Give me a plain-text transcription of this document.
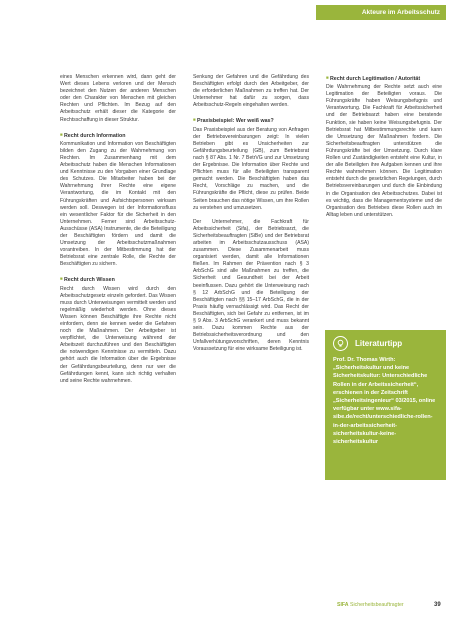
Akteure im Arbeitsschutz

eines Menschen erkennen wird, dann geht der Wert dieses Lebens verloren und der Mensch bezeichnet den Nutzen der anderen Menschen oder den Charakter von Menschen mit gleichen Rechten und Pflichten. Im Bezug auf den Arbeitsschutz erhält dieser die Kategorie der Rechtsschaffung in dieser Struktur.

■ Recht durch Information

Kommunikation und Information von Beschäftigten bilden den Zugang zu der Wahrnehmung von Rechten. Im Zusammenhang mit dem Arbeitsschutz haben die Menschen Informationen und Kenntnisse zu den Vorgaben einer Grundlage des Schutzes. Die Mitarbeiter haben bei der Wahrnehmung ihrer Rechte eine eigene Verantwortung, die im Kontakt mit den Führungskräften und Aufsichtspersonen wirksam werden soll. Deswegen ist der Informationsfluss ein wesentlicher Faktor für die Sicherheit in den Unternehmen. Ferner sind Arbeitsschutz-Ausschüsse (ASA) Instrumente, die die Beteiligung der Beschäftigten fördern und damit die Umsetzung der Arbeitsschutzmaßnahmen vorantreiben. In der Mitbestimmung hat der Betriebsrat eine zentrale Rolle, die Rechte der Beschäftigten zu sichern.

■ Recht durch Wissen

Recht durch Wissen wird durch den Arbeitsschutzgesetz einzeln gefordert. Das Wissen muss durch Unterweisungen vermittelt werden und regelmäßig wiederholt werden. Ohne dieses Wissen können Beschäftigte ihre Rechte nicht einfordern, denn sie kennen weder die Gefahren noch die Maßnahmen. Der Arbeitgeber ist verpflichtet, die Unterweisung während der Arbeitszeit durchzuführen und den Beschäftigten die notwendigen Kenntnisse zu vermitteln. Dazu gehört auch die Information über die Ergebnisse der Gefährdungsbeurteilung, denn nur wer die Gefährdungen kennt, kann sich richtig verhalten und seine Rechte wahrnehmen.

Senkung der Gefahren und die Gefährdung des Beschäftigten erfolgt durch den Arbeitgeber, der die erforderlichen Maßnahmen zu treffen hat. Der Unternehmer hat dafür zu sorgen, dass Arbeitsschutz-Regeln eingehalten werden.

■ Praxisbeispiel: Wer weiß was?

Das Praxisbeispiel aus der Beratung von Anfragen der Betriebsvereinbarungen zeigt: In vielen Betrieben gibt es Unsicherheiten zur Gefährdungsbeurteilung (GB), zum Betriebsrat nach § 87 Abs. 1 Nr. 7 BetrVG und zur Umsetzung der Ergebnisse. Die Information über Rechte und Pflichten muss für alle Beteiligten transparent gemacht werden. Die Beschäftigten haben das Recht, Vorschläge zu machen, und die Führungskräfte die Pflicht, diese zu prüfen. Beide Seiten brauchen das nötige Wissen, um ihre Rollen zu verstehen und umzusetzen.

Der Unternehmer, die Fachkraft für Arbeitssicherheit (Sifa), der Betriebsarzt, die Sicherheitsbeauftragten (SiBe) und der Betriebsrat arbeiten im Arbeitsschutzausschuss (ASA) zusammen. Diese Zusammenarbeit muss organisiert werden, damit alle Informationen fließen. Im Rahmen der Prävention nach § 3 ArbSchG sind alle Maßnahmen zu treffen, die Sicherheit und Gesundheit bei der Arbeit beeinflussen. Dazu gehört die Unterweisung nach § 12 ArbSchG und die Beteiligung der Beschäftigten nach §§ 15–17 ArbSchG, die in der Praxis häufig vernachlässigt wird. Das Recht der Beschäftigten, sich bei Gefahr zu entfernen, ist im § 9 Abs. 3 ArbSchG verankert und muss bekannt sein. Dazu kommen Rechte aus der Betriebssicherheitsverordnung und den Unfallverhütungsvorschriften, deren Kenntnis Voraussetzung für eine wirksame Beteiligung ist.

■ Recht durch Legitimation / Autorität

Die Wahrnehmung der Rechte setzt auch eine Legitimation der Beteiligten voraus. Die Führungskräfte haben Weisungsbefugnis und Verantwortung. Die Fachkraft für Arbeitssicherheit und der Betriebsarzt haben eine beratende Funktion, sie haben keine Weisungsbefugnis. Der Betriebsrat hat Mitbestimmungsrechte und kann die Umsetzung der Maßnahmen fordern. Die Sicherheitsbeauftragten unterstützen die Führungskräfte bei der Umsetzung. Durch klare Rollen und Zuständigkeiten entsteht eine Kultur, in der alle Beteiligten ihre Aufgaben kennen und ihre Rechte wahrnehmen können. Die Legitimation entsteht durch die gesetzlichen Regelungen, durch Betriebsvereinbarungen und durch die Einbindung in die Organisation des Arbeitsschutzes. Dabei ist es wichtig, dass die Managementsysteme und die Organisation des Betriebes diese Rollen auch im Alltag leben und unterstützen.

Literaturtipp
Prof. Dr. Thomas Wirth: „Sicherheitskultur und keine Sicherheitskultur: Unterschiedliche Rollen in der Arbeitssicherheit“, erschienen in der Zeitschrift „Sicherheitsingenieur“ 03/2015, online verfügbar unter www.sifa-sibe.de/recht/unterschiedliche-rollen-in-der-arbeitssicherheit-sicherheitskultur-keine-sicherheitskultur
SIFA Sicherheitsbeauftragter	39
